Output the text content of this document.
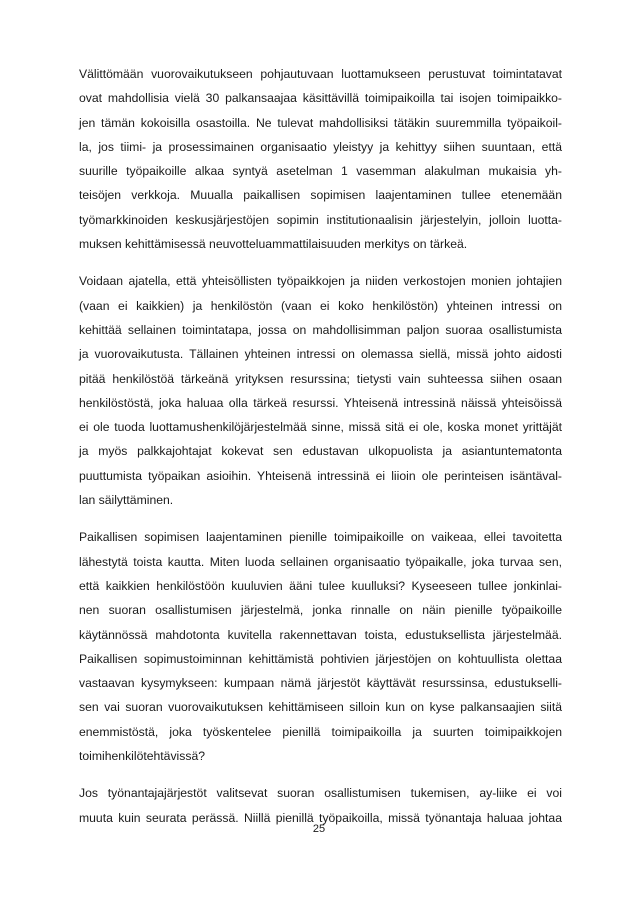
Välittömään vuorovaikutukseen pohjautuvaan luottamukseen perustuvat toimintatavat
ovat mahdollisia vielä 30 palkansaajaa käsittävillä toimipaikoilla tai isojen toimipaikko-
jen tämän kokoisilla osastoilla. Ne tulevat mahdollisiksi tätäkin suuremmilla työpaikoil-
la, jos tiimi- ja prosessimainen organisaatio yleistyy ja kehittyy siihen suuntaan, että
suurille työpaikoille alkaa syntyä asetelman 1 vasemman alakulman mukaisia yh-
teisöjen verkkoja. Muualla paikallisen sopimisen laajentaminen tullee etenemään
työmarkkinoiden keskusjärjestöjen sopimin institutionaalisin järjestelyin, jolloin luotta-
muksen kehittämisessä neuvotteluammattilaisuuden merkitys on tärkeä.
Voidaan ajatella, että yhteisöllisten työpaikkojen ja niiden verkostojen monien johtajien
(vaan ei kaikkien) ja henkilöstön (vaan ei koko henkilöstön) yhteinen intressi on
kehittää sellainen toimintatapa, jossa on mahdollisimman paljon suoraa osallistumista
ja vuorovaikutusta. Tällainen yhteinen intressi on olemassa siellä, missä johto aidosti
pitää henkilöstöä tärkeänä yrityksen resurssina; tietysti vain suhteessa siihen osaan
henkilöstöstä, joka haluaa olla tärkeä resurssi. Yhteisenä intressinä näissä yhteisöissä
ei ole tuoda luottamushenkilöjärjestelmää sinne, missä sitä ei ole, koska monet yrittäjät
ja myös palkkajohtajat kokevat sen edustavan ulkopuolista ja asiantuntematonta
puuttumista työpaikan asioihin. Yhteisenä intressinä ei liioin ole perinteisen isäntäval-
lan säilyttäminen.
Paikallisen sopimisen laajentaminen pienille toimipaikoille on vaikeaa, ellei tavoitetta
lähestytä toista kautta. Miten luoda sellainen organisaatio työpaikalle, joka turvaa sen,
että kaikkien henkilöstöön kuuluvien ääni tulee kuulluksi? Kyseeseen tullee jonkinlai-
nen suoran osallistumisen järjestelmä, jonka rinnalle on näin pienille työpaikoille
käytännössä mahdotonta kuvitella rakennettavan toista, edustuksellista järjestelmää.
Paikallisen sopimustoiminnan kehittämistä pohtivien järjestöjen on kohtuullista olettaa
vastaavan kysymykseen: kumpaan nämä järjestöt käyttävät resurssinsa, edustukselli-
sen vai suoran vuorovaikutuksen kehittämiseen silloin kun on kyse palkansaajien siitä
enemmistöstä, joka työskentelee pienillä toimipaikoilla ja suurten toimipaikkojen
toimihenkilötehtävissä?
Jos työnantajajärjestöt valitsevat suoran osallistumisen tukemisen, ay-liike ei voi
muuta kuin seurata perässä. Niillä pienillä työpaikoilla, missä työnantaja haluaa johtaa
25
